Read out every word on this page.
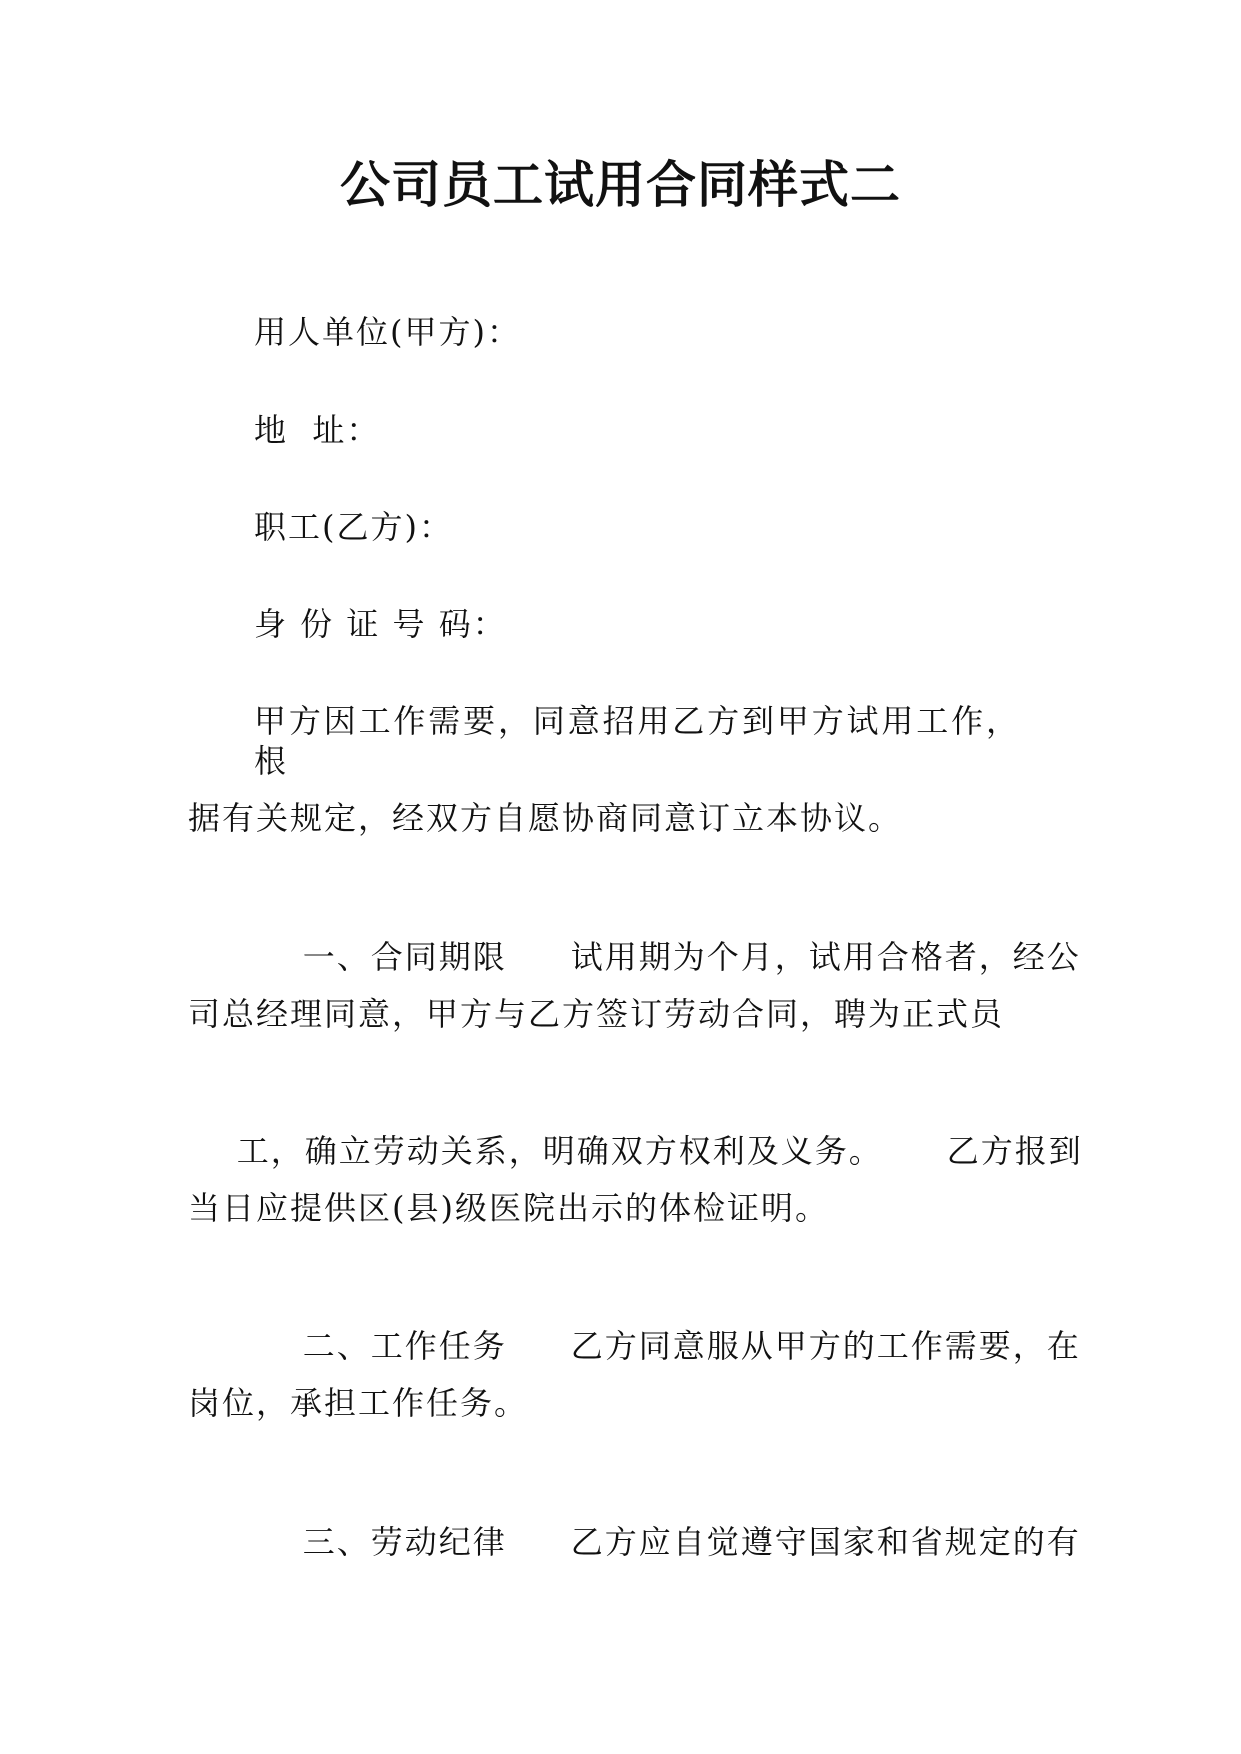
公司员工试用合同样式二
用人单位(甲方)：
地  址：
职工(乙方)：
身 份 证 号 码：
甲方因工作需要，同意招用乙方到甲方试用工作，根
据有关规定，经双方自愿协商同意订立本协议。

一、合同期限 试用期为个月，试用合格者，经公

司总经理同意，甲方与乙方签订劳动合同，聘为正式员

工，确立劳动关系，明确双方权利及义务。 乙方报到

当日应提供区(县)级医院出示的体检证明。

二、工作任务 乙方同意服从甲方的工作需要，在

岗位，承担工作任务。

三、劳动纪律 乙方应自觉遵守国家和省规定的有
